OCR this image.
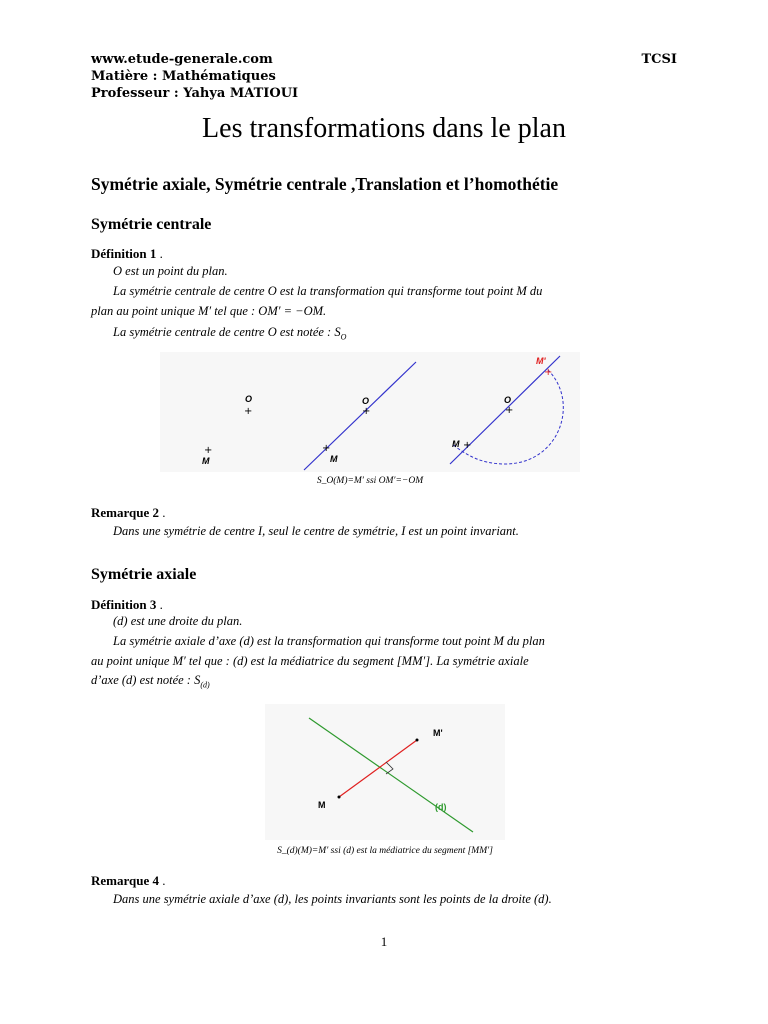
www.etude-generale.com
Matière : Mathématiques
Professeur : Yahya MATIOUI
TCSI
Les transformations dans le plan
Symétrie axiale, Symétrie centrale ,Translation et l’homothétie
Symétrie centrale
Définition 1 .
O est un point du plan.
La symétrie centrale de centre O est la transformation qui transforme tout point M du
plan au point unique M′ tel que : OM′ = −OM.
La symétrie centrale de centre O est notée : $S_O$
O
+
+
M
O
+
+
M
O
+
M +
M'
+
S_O(M)=M′ ssi OM′=−OM
Remarque 2 .
Dans une symétrie de centre I, seul le centre de symétrie, I est un point invariant.
Symétrie axiale
Définition 3 .
(d) est une droite du plan.
La symétrie axiale d’axe (d) est la transformation qui transforme tout point M du plan
au point unique M′ tel que : (d) est la médiatrice du segment [MM′]. La symétrie axiale
d’axe (d) est notée : $S_{(d)}$
M
M'
(d)
S_(d)(M)=M′ ssi (d) est la médiatrice du segment [MM′]
Remarque 4 .
Dans une symétrie axiale d’axe (d), les points invariants sont les points de la droite (d).
1
